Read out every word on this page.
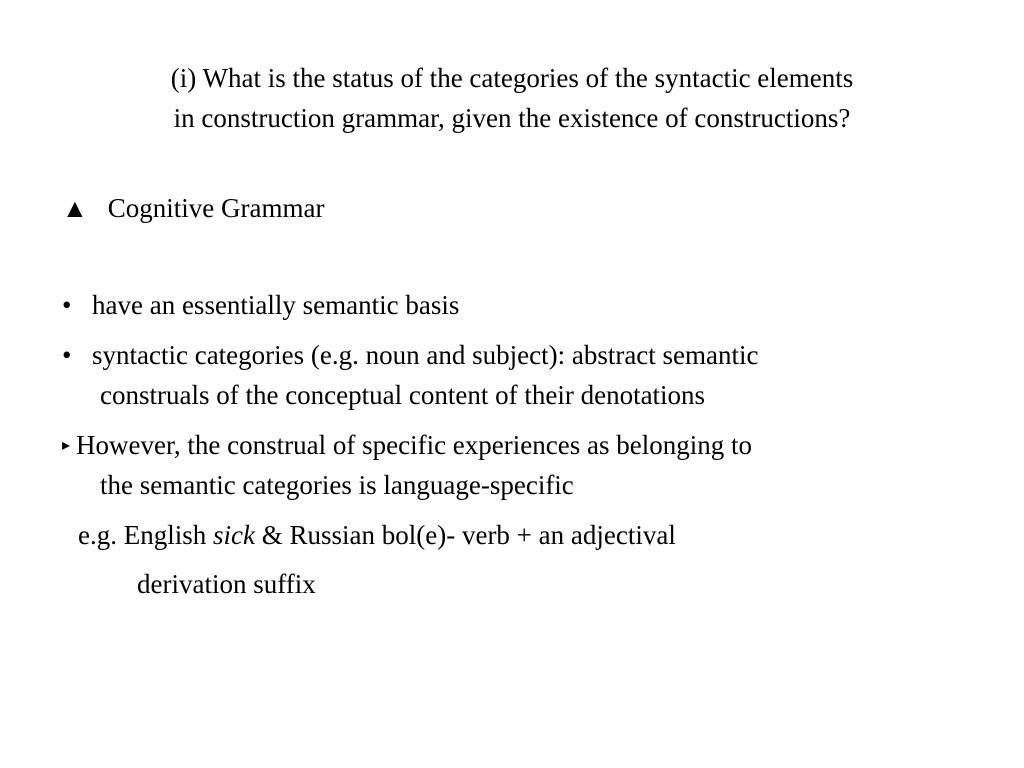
(i) What is the status of the categories of the syntactic elements
in construction grammar, given the existence of constructions?
▲ Cognitive Grammar
• have an essentially semantic basis
• syntactic categories (e.g. noun and subject): abstract semantic
construals of the conceptual content of their denotations
▸ However, the construal of specific experiences as belonging to
the semantic categories is language-specific
e.g. English sick & Russian bol(e)- verb + an adjectival
derivation suffix
